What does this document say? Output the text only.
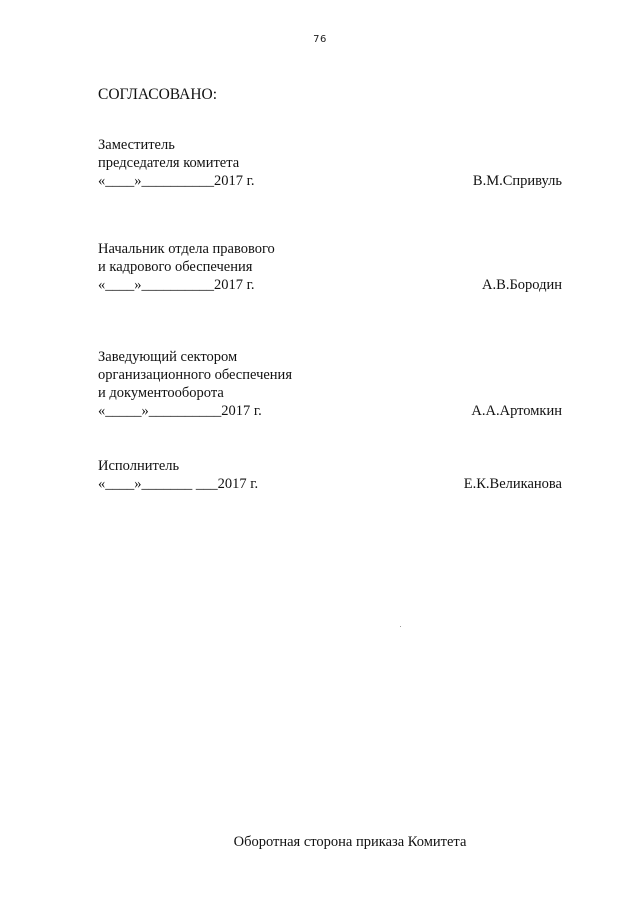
76
СОГЛАСОВАНО:
Заместитель
председателя комитета
«____»__________2017 г.	В.М.Спривуль
Начальник отдела правового
и кадрового обеспечения
«____»__________2017 г.	А.В.Бородин
Заведующий сектором
организационного обеспечения
и документооборота
«_____»__________2017 г.	А.А.Артомкин
Исполнитель
«____»_______ ___2017 г.	Е.К.Великанова
Оборотная сторона приказа Комитета
